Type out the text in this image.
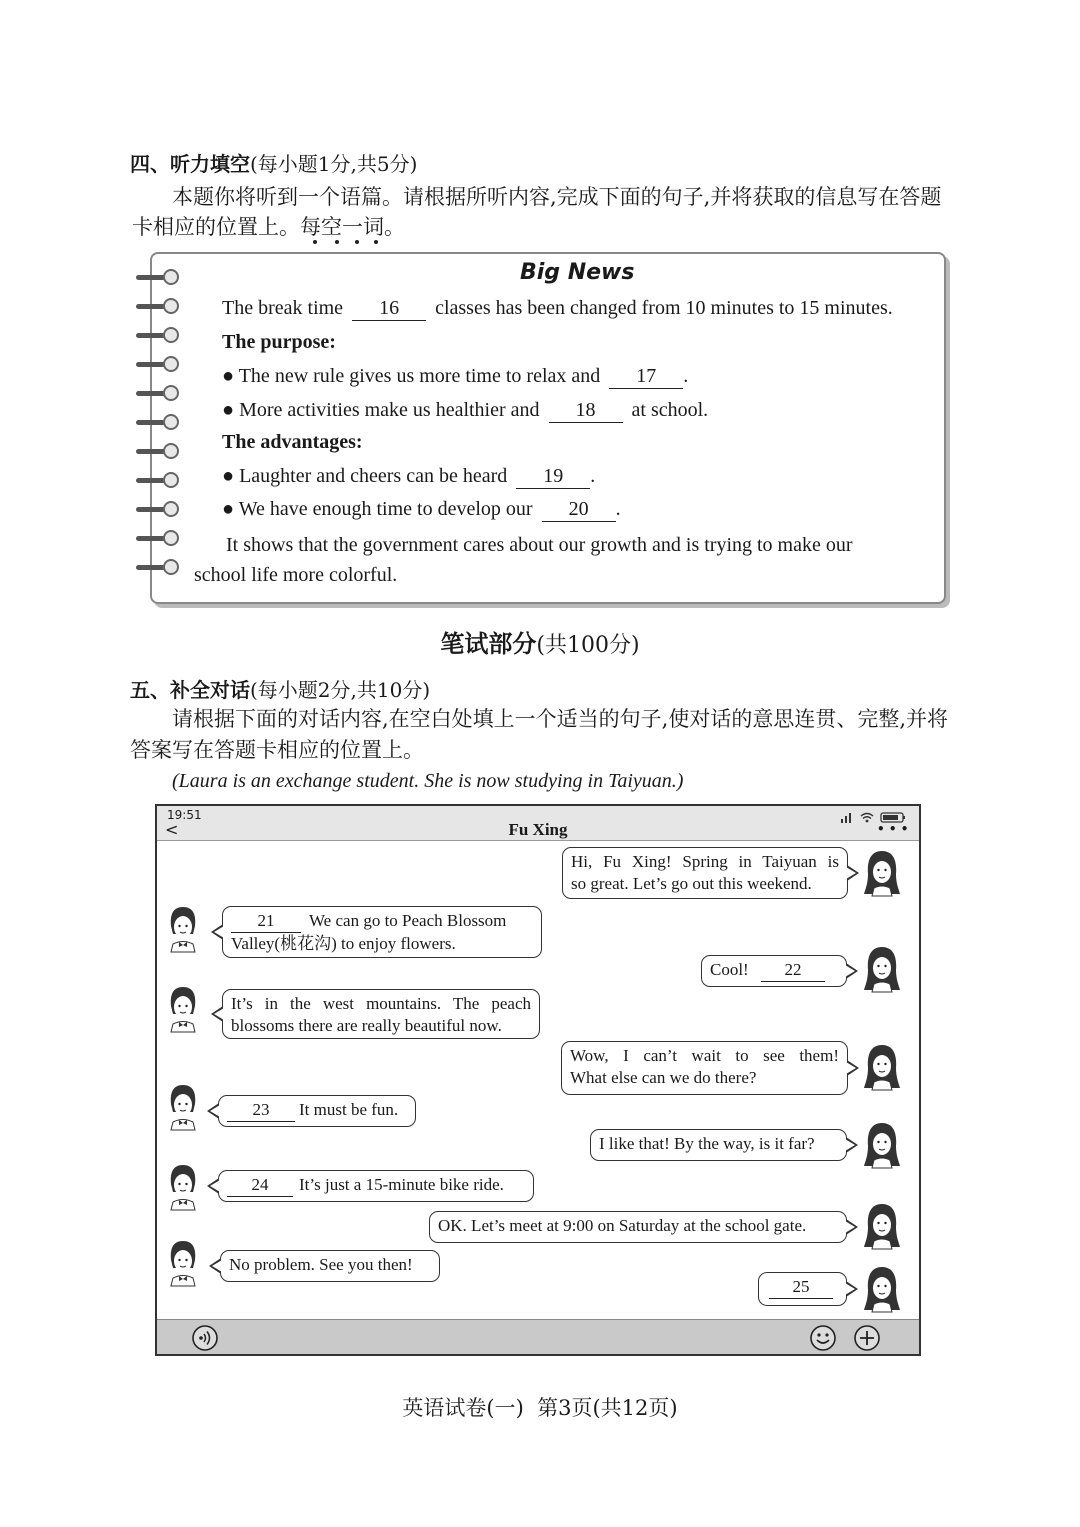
四、听力填空(每小题1分,共5分)
本题你将听到一个语篇。请根据所听内容,完成下面的句子,并将获取的信息写在答题
卡相应的位置上。每空一词。
Big News
The break time 16 classes has been changed from 10 minutes to 15 minutes.
The purpose:
● The new rule gives us more time to relax and 17 .
● More activities make us healthier and 18 at school.
The advantages:
● Laughter and cheers can be heard 19 .
● We have enough time to develop our 20 .
It shows that the government cares about our growth and is trying to make our
school life more colorful.
笔试部分(共100分)
五、补全对话(每小题2分,共10分)
请根据下面的对话内容,在空白处填上一个适当的句子,使对话的意思连贯、完整,并将
答案写在答题卡相应的位置上。
(Laura is an exchange student. She is now studying in Taiyuan.)
19:51
<	Fu Xing	• • •
Hi, Fu Xing! Spring in Taiyuan is
so great. Let’s go out this weekend.
21 We can go to Peach Blossom
Valley(桃花沟) to enjoy flowers.
Cool! 22
It’s in the west mountains. The peach
blossoms there are really beautiful now.
Wow, I can’t wait to see them!
What else can we do there?
23 It must be fun.
I like that! By the way, is it far?
24 It’s just a 15-minute bike ride.
OK. Let’s meet at 9:00 on Saturday at the school gate.
No problem. See you then!
25
英语试卷(一)  第3页(共12页)
